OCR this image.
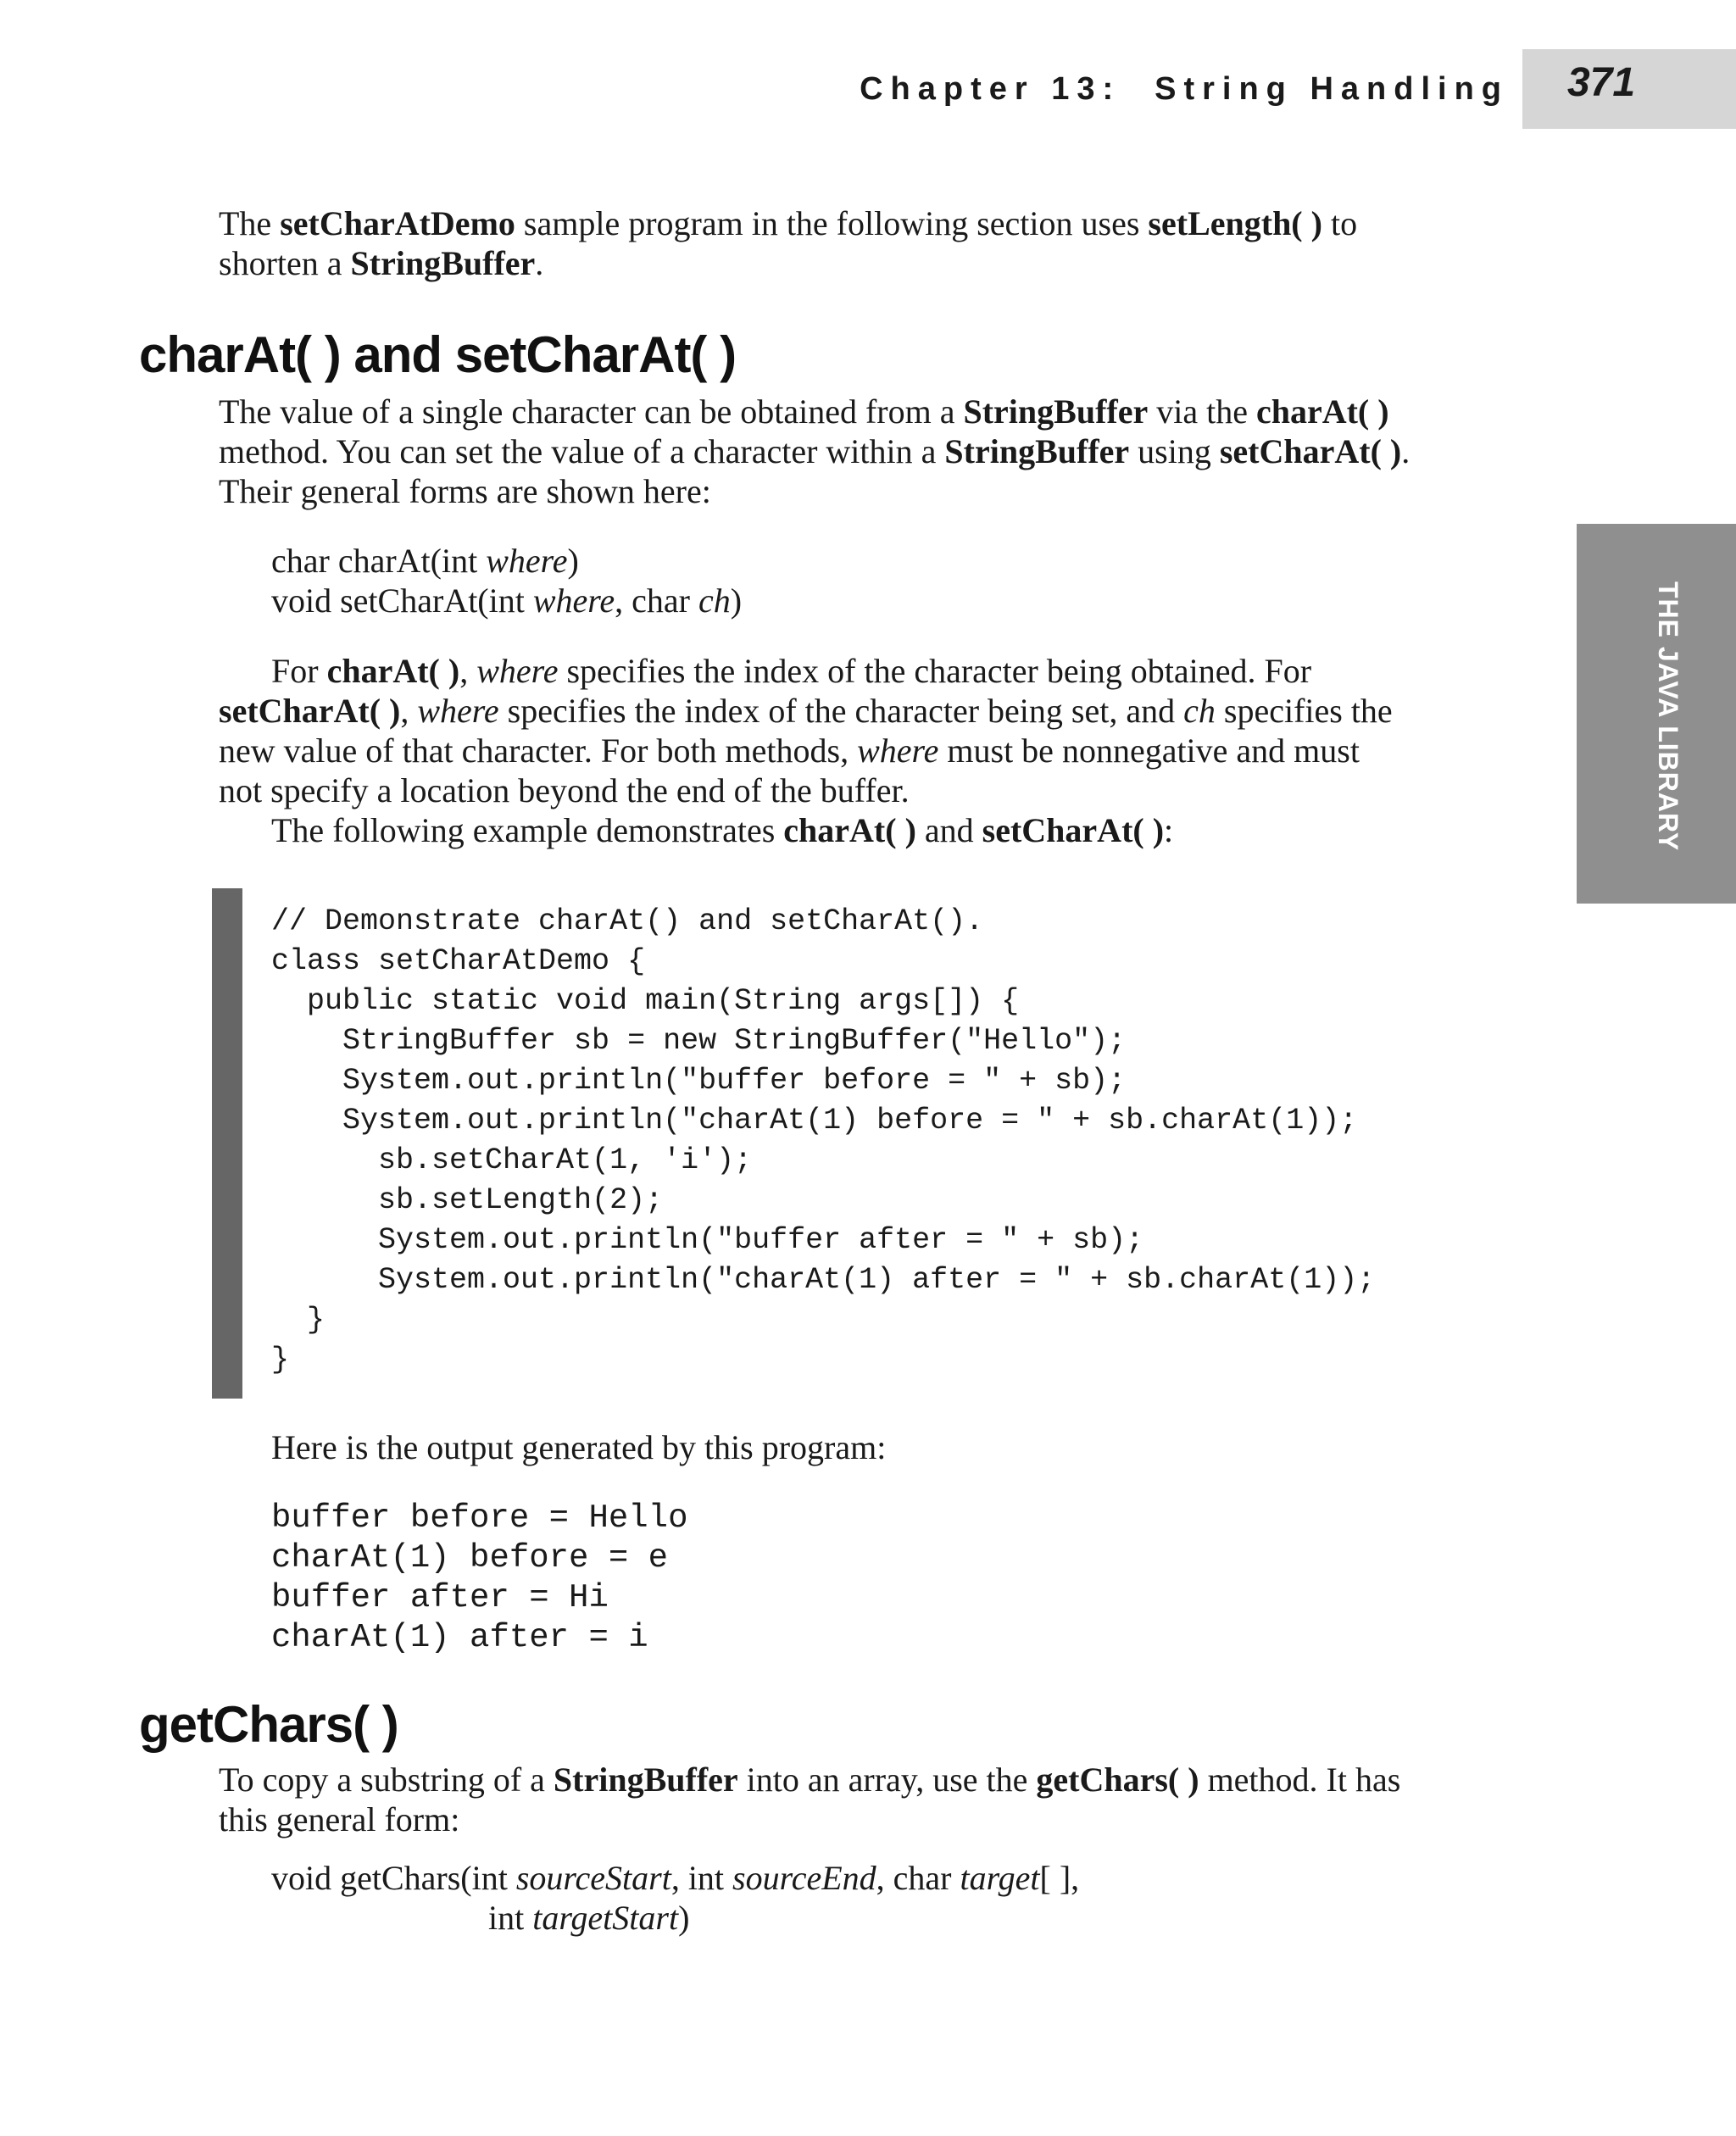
Chapter 13: String Handling	371
THE JAVA LIBRARY
The setCharAtDemo sample program in the following section uses setLength( ) to
shorten a StringBuffer.
charAt( ) and setCharAt( )
The value of a single character can be obtained from a StringBuffer via the charAt( )
method. You can set the value of a character within a StringBuffer using setCharAt( ).
Their general forms are shown here:
char charAt(int where)
void setCharAt(int where, char ch)
For charAt( ), where specifies the index of the character being obtained. For
setCharAt( ), where specifies the index of the character being set, and ch specifies the
new value of that character. For both methods, where must be nonnegative and must
not specify a location beyond the end of the buffer.
The following example demonstrates charAt( ) and setCharAt( ):
// Demonstrate charAt() and setCharAt().
class setCharAtDemo {
public static void main(String args[]) {
StringBuffer sb = new StringBuffer("Hello");
System.out.println("buffer before = " + sb);
System.out.println("charAt(1) before = " + sb.charAt(1));
sb.setCharAt(1, 'i');
sb.setLength(2);
System.out.println("buffer after = " + sb);
System.out.println("charAt(1) after = " + sb.charAt(1));
}
}
Here is the output generated by this program:
buffer before = Hello
charAt(1) before = e
buffer after = Hi
charAt(1) after = i
getChars( )
To copy a substring of a StringBuffer into an array, use the getChars( ) method. It has
this general form:
void getChars(int sourceStart, int sourceEnd, char target[ ],
int targetStart)
